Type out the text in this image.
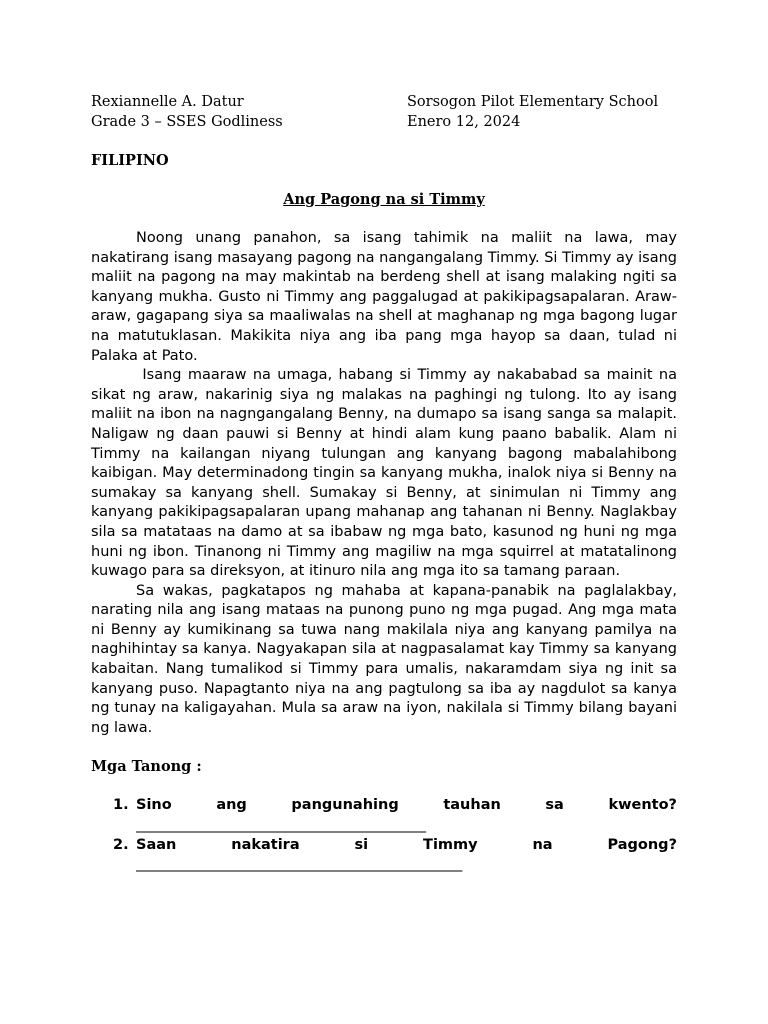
Rexiannelle A. Datur	Sorsogon Pilot Elementary School
Grade 3 – SSES Godliness	Enero 12, 2024
FILIPINO
Ang Pagong na si Timmy

Noong unang panahon, sa isang tahimik na maliit na lawa, may nakatirang isang masayang pagong na nangangalang Timmy. Si Timmy ay isang maliit na pagong na may makintab na berdeng shell at isang malaking ngiti sa kanyang mukha. Gusto ni Timmy ang paggalugad at pakikipagsapalaran. Araw- araw, gagapang siya sa maaliwalas na shell at maghanap ng mga bagong lugar na matutuklasan. Makikita niya ang iba pang mga hayop sa daan, tulad ni Palaka at Pato.

Isang maaraw na umaga, habang si Timmy ay nakababad sa mainit na sikat ng araw, nakarinig siya ng malakas na paghingi ng tulong. Ito ay isang maliit na ibon na nagngangalang Benny, na dumapo sa isang sanga sa malapit. Naligaw ng daan pauwi si Benny at hindi alam kung paano babalik. Alam ni Timmy na kailangan niyang tulungan ang kanyang bagong mabalahibong kaibigan. May determinadong tingin sa kanyang mukha, inalok niya si Benny na sumakay sa kanyang shell. Sumakay si Benny, at sinimulan ni Timmy ang kanyang pakikipagsapalaran upang mahanap ang tahanan ni Benny. Naglakbay sila sa matataas na damo at sa ibabaw ng mga bato, kasunod ng huni ng mga huni ng ibon. Tinanong ni Timmy ang magiliw na mga squirrel at matatalinong kuwago para sa direksyon, at itinuro nila ang mga ito sa tamang paraan.

Sa wakas, pagkatapos ng mahaba at kapana-panabik na paglalakbay, narating nila ang isang mataas na punong puno ng mga pugad. Ang mga mata ni Benny ay kumikinang sa tuwa nang makilala niya ang kanyang pamilya na naghihintay sa kanya. Nagyakapan sila at nagpasalamat kay Timmy sa kanyang kabaitan. Nang tumalikod si Timmy para umalis, nakaramdam siya ng init sa kanyang puso. Napagtanto niya na ang pagtulong sa iba ay nagdulot sa kanya ng tunay na kaligayahan. Mula sa araw na iyon, nakilala si Timmy bilang bayani ng lawa.

Mga Tanong :
1. Sino	ang	pangunahing	tauhan	sa	kwento?
________________________________________
2. Saan	nakatira	si	Timmy	na	Pagong?
_____________________________________________
